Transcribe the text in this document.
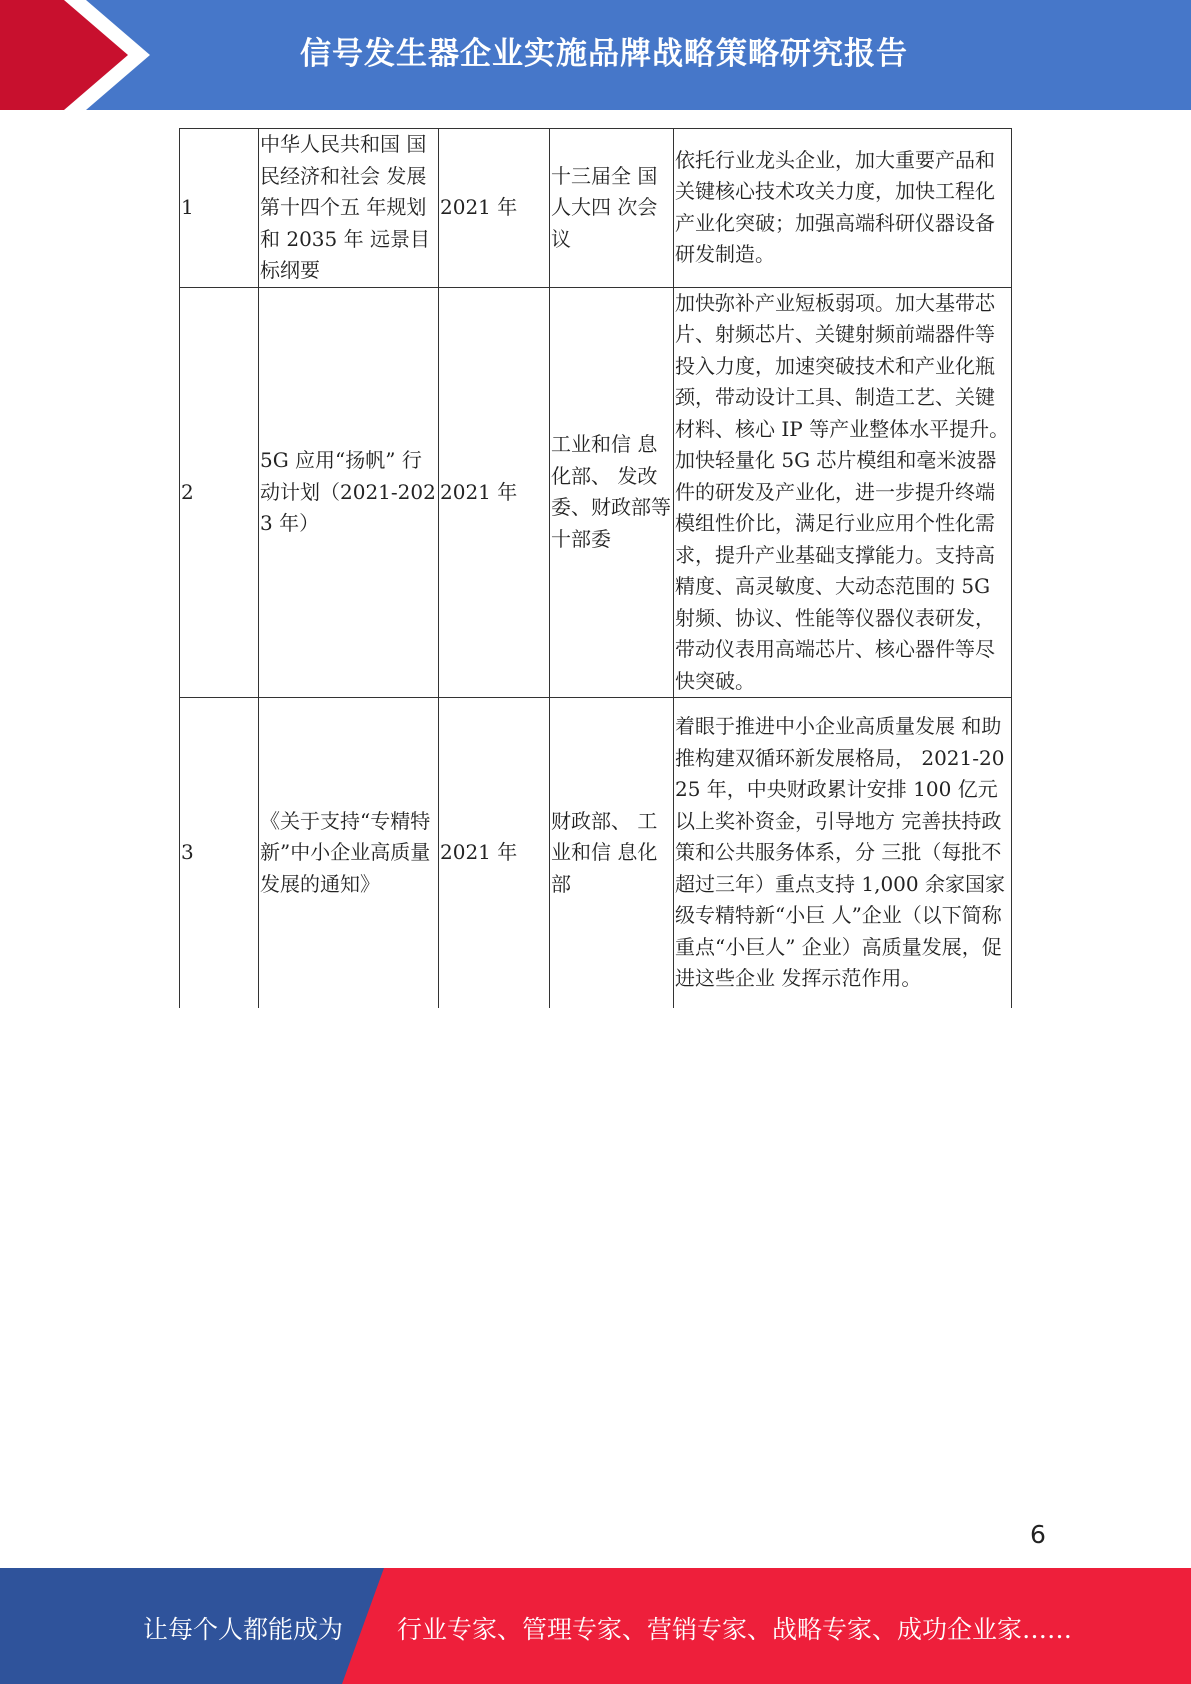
信号发生器企业实施品牌战略策略研究报告
1	中华人民共和国 国民经济和社会 发展第十四个五 年规划和 2035 年 远景目标纲要	2021 年	十三届全 国人大四 次会议	依托行业龙头企业，加大重要产品和关键核心技术攻关力度，加快工程化产业化突破；加强高端科研仪器设备研发制造。
2	5G 应用“扬帆” 行动计划（2021-2023 年）	2021 年	工业和信 息化部、 发改委、财政部等 十部委	加快弥补产业短板弱项。加大基带芯片、射频芯片、关键射频前端器件等投入力度，加速突破技术和产业化瓶颈，带动设计工具、制造工艺、关键材料、核心 IP 等产业整体水平提升。加快轻量化 5G 芯片模组和毫米波器件的研发及产业化，进一步提升终端模组性价比，满足行业应用个性化需求，提升产业基础支撑能力。支持高精度、高灵敏度、大动态范围的 5G 射频、协议、性能等仪器仪表研发，带动仪表用高端芯片、核心器件等尽快突破。
3	《关于支持“专精特新”中小企业高质量发展的通知》	2021 年	财政部、 工业和信 息化部	着眼于推进中小企业高质量发展 和助推构建双循环新发展格局， 2021-2025 年，中央财政累计安排 100 亿元以上奖补资金，引导地方 完善扶持政策和公共服务体系，分 三批（每批不超过三年）重点支持 1,000 余家国家级专精特新“小巨 人”企业（以下简称重点“小巨人” 企业）高质量发展，促进这些企业 发挥示范作用。
6
让每个人都能成为 行业专家、管理专家、营销专家、战略专家、成功企业家……
